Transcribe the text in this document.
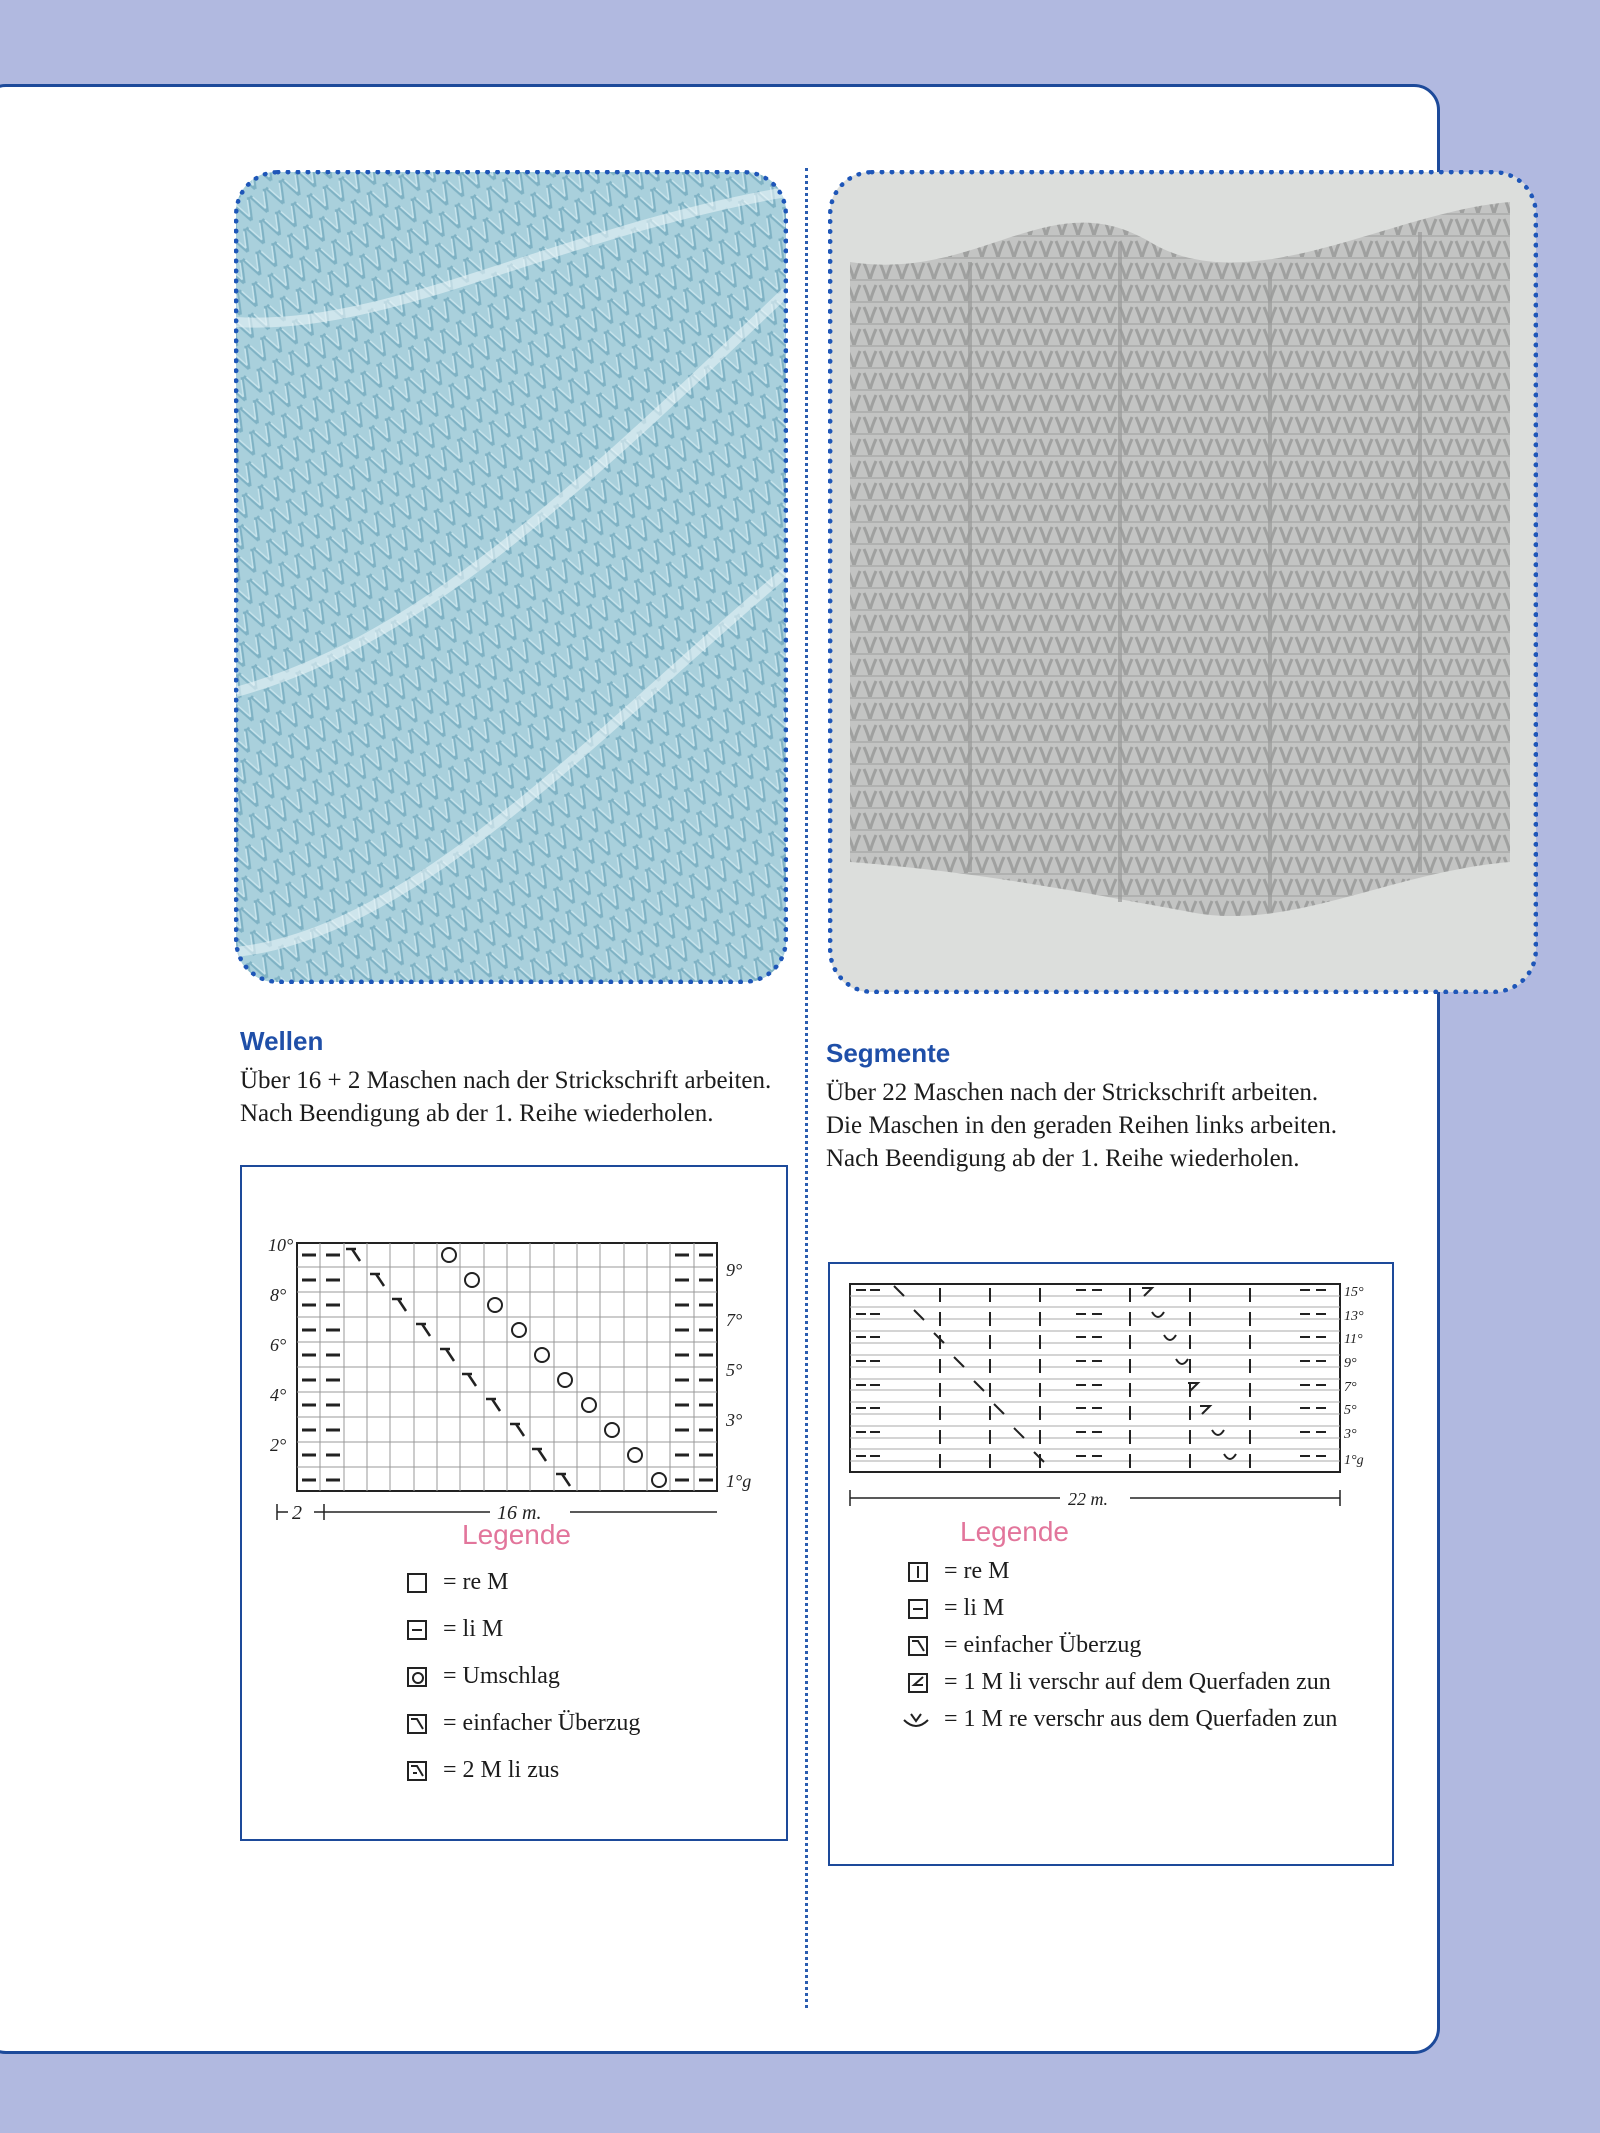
Wellen
Über 16 + 2 Maschen nach der Strickschrift arbeiten.
Nach Beendigung ab der 1. Reihe wiederholen.
Segmente
Über 22 Maschen nach der Strickschrift arbeiten.
Die Maschen in den geraden Reihen links arbeiten.
Nach Beendigung ab der 1. Reihe wiederholen.
10°
8°
6°
4°
2°
9°
7°
5°
3°
1°g
2	16 m.
Legende
= re M
= li M
= Umschlag
= einfacher Überzug
= 2 M li zus
15°
13°
11°
9°
7°
5°
3°
1°g
22 m.
Legende
= re M
= li M
= einfacher Überzug
= 1 M li verschr auf dem Querfaden zun
= 1 M re verschr aus dem Querfaden zun
